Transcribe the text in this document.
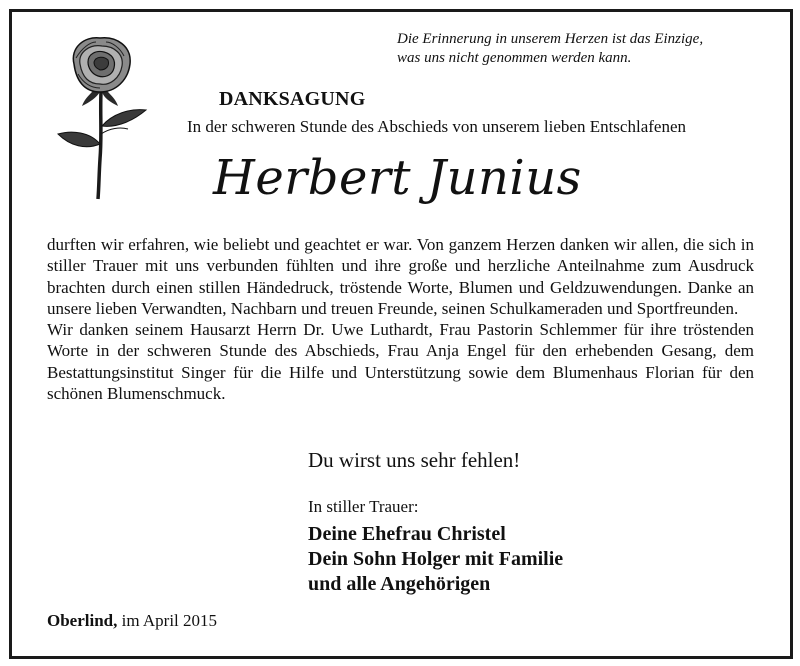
Die Erinnerung in unserem Herzen ist das Einzige,
was uns nicht genommen werden kann.
DANKSAGUNG
In der schweren Stunde des Abschieds von unserem lieben Entschlafenen
Herbert Junius

durften wir erfahren, wie beliebt und geachtet er war. Von ganzem Herzen danken wir allen, die sich in stiller Trauer mit uns verbunden fühlten und ihre große und herzliche Anteilnahme zum Ausdruck brachten durch einen stillen Händedruck, tröstende Worte, Blumen und Geldzuwendungen. Danke an unsere lieben Verwandten, Nachbarn und treuen Freunde, seinen Schulkameraden und Sportfreunden.

Wir danken seinem Hausarzt Herrn Dr. Uwe Luthardt, Frau Pastorin Schlemmer für ihre tröstenden Worte in der schweren Stunde des Abschieds, Frau Anja Engel für den erhebenden Gesang, dem Bestattungsinstitut Singer für die Hilfe und Unterstützung sowie dem Blumenhaus Florian für den schönen Blumenschmuck.

Du wirst uns sehr fehlen!
In stiller Trauer:
Deine Ehefrau Christel
Dein Sohn Holger mit Familie
und alle Angehörigen
Oberlind, im April 2015
